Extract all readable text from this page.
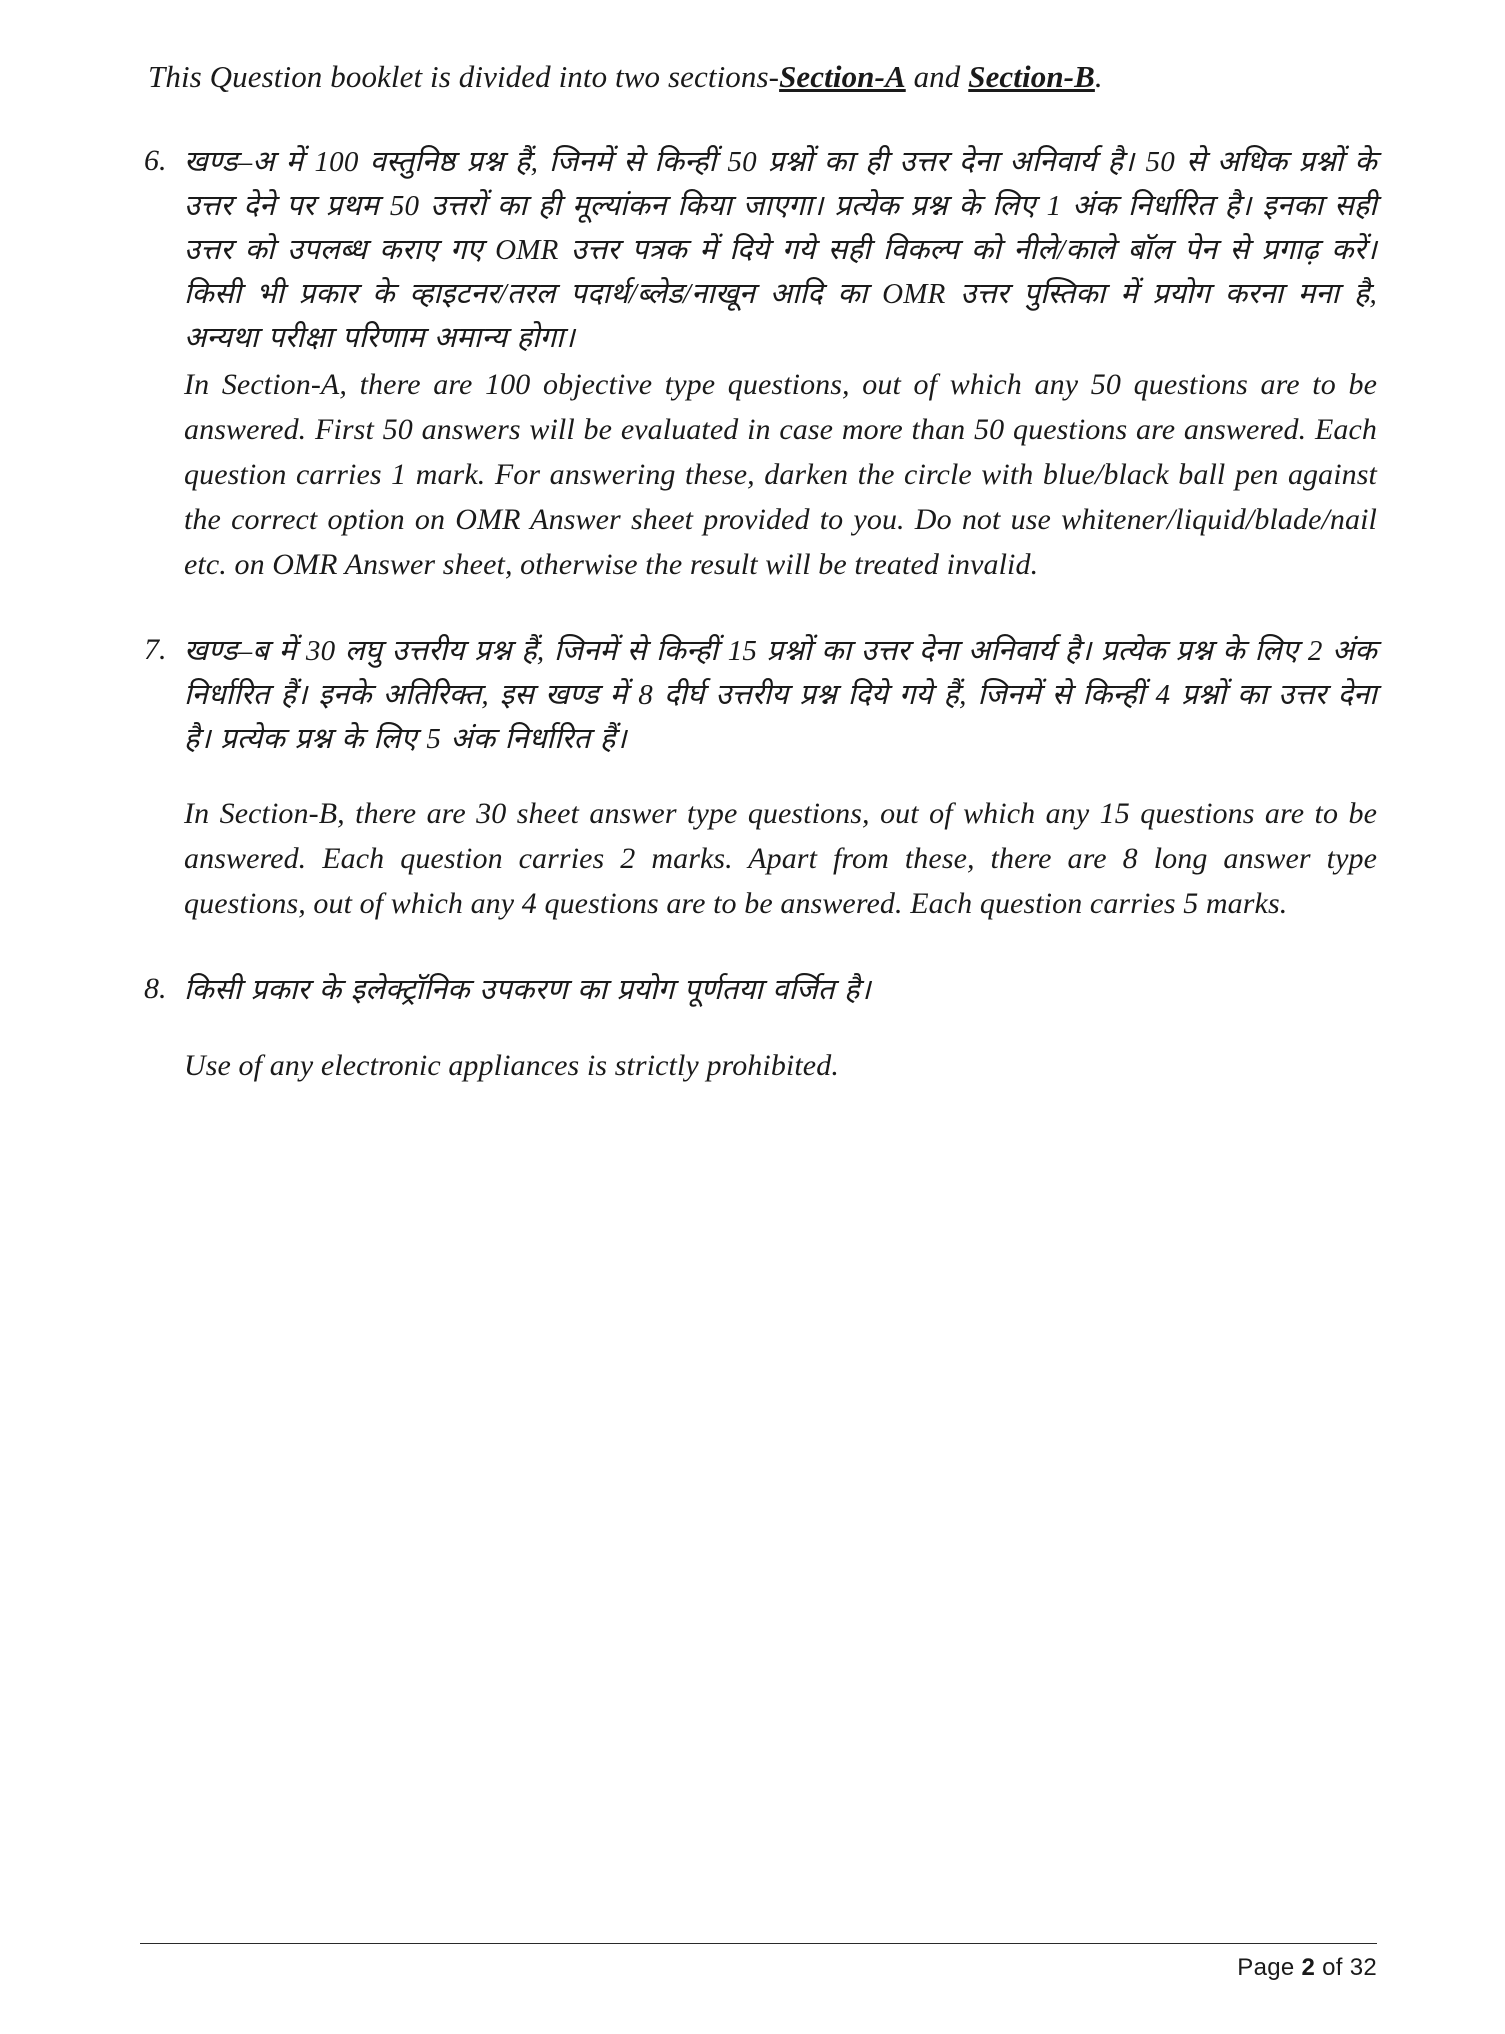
This Question booklet is divided into two sections-Section-A and Section-B.

6. खण्ड–अ में 100 वस्तुनिष्ठ प्रश्न हैं, जिनमें से किन्हीं 50 प्रश्नों का ही उत्तर देना अनिवार्य है। 50 से अधिक प्रश्नों के उत्तर देने पर प्रथम 50 उत्तरों का ही मूल्यांकन किया जाएगा। प्रत्येक प्रश्न के लिए 1 अंक निर्धारित है। इनका सही उत्तर को उपलब्ध कराए गए OMR उत्तर पत्रक में दिये गये सही विकल्प को नीले/काले बॉल पेन से प्रगाढ़ करें। किसी भी प्रकार के व्हाइटनर/तरल पदार्थ/ब्लेड/नाखून आदि का OMR उत्तर पुस्तिका में प्रयोग करना मना है, अन्यथा परीक्षा परिणाम अमान्य होगा।

In Section-A, there are 100 objective type questions, out of which any 50 questions are to be answered. First 50 answers will be evaluated in case more than 50 questions are answered. Each question carries 1 mark. For answering these, darken the circle with blue/black ball pen against the correct option on OMR Answer sheet provided to you. Do not use whitener/liquid/blade/nail etc. on OMR Answer sheet, otherwise the result will be treated invalid.

7. खण्ड–ब में 30 लघु उत्तरीय प्रश्न हैं, जिनमें से किन्हीं 15 प्रश्नों का उत्तर देना अनिवार्य है। प्रत्येक प्रश्न के लिए 2 अंक निर्धारित हैं। इनके अतिरिक्त, इस खण्ड में 8 दीर्घ उत्तरीय प्रश्न दिये गये हैं, जिनमें से किन्हीं 4 प्रश्नों का उत्तर देना है। प्रत्येक प्रश्न के लिए 5 अंक निर्धारित हैं।

In Section-B, there are 30 sheet answer type questions, out of which any 15 questions are to be answered. Each question carries 2 marks. Apart from these, there are 8 long answer type questions, out of which any 4 questions are to be answered. Each question carries 5 marks.

8. किसी प्रकार के इलेक्ट्रॉनिक उपकरण का प्रयोग पूर्णतया वर्जित है।

Use of any electronic appliances is strictly prohibited.

Page 2 of 32
